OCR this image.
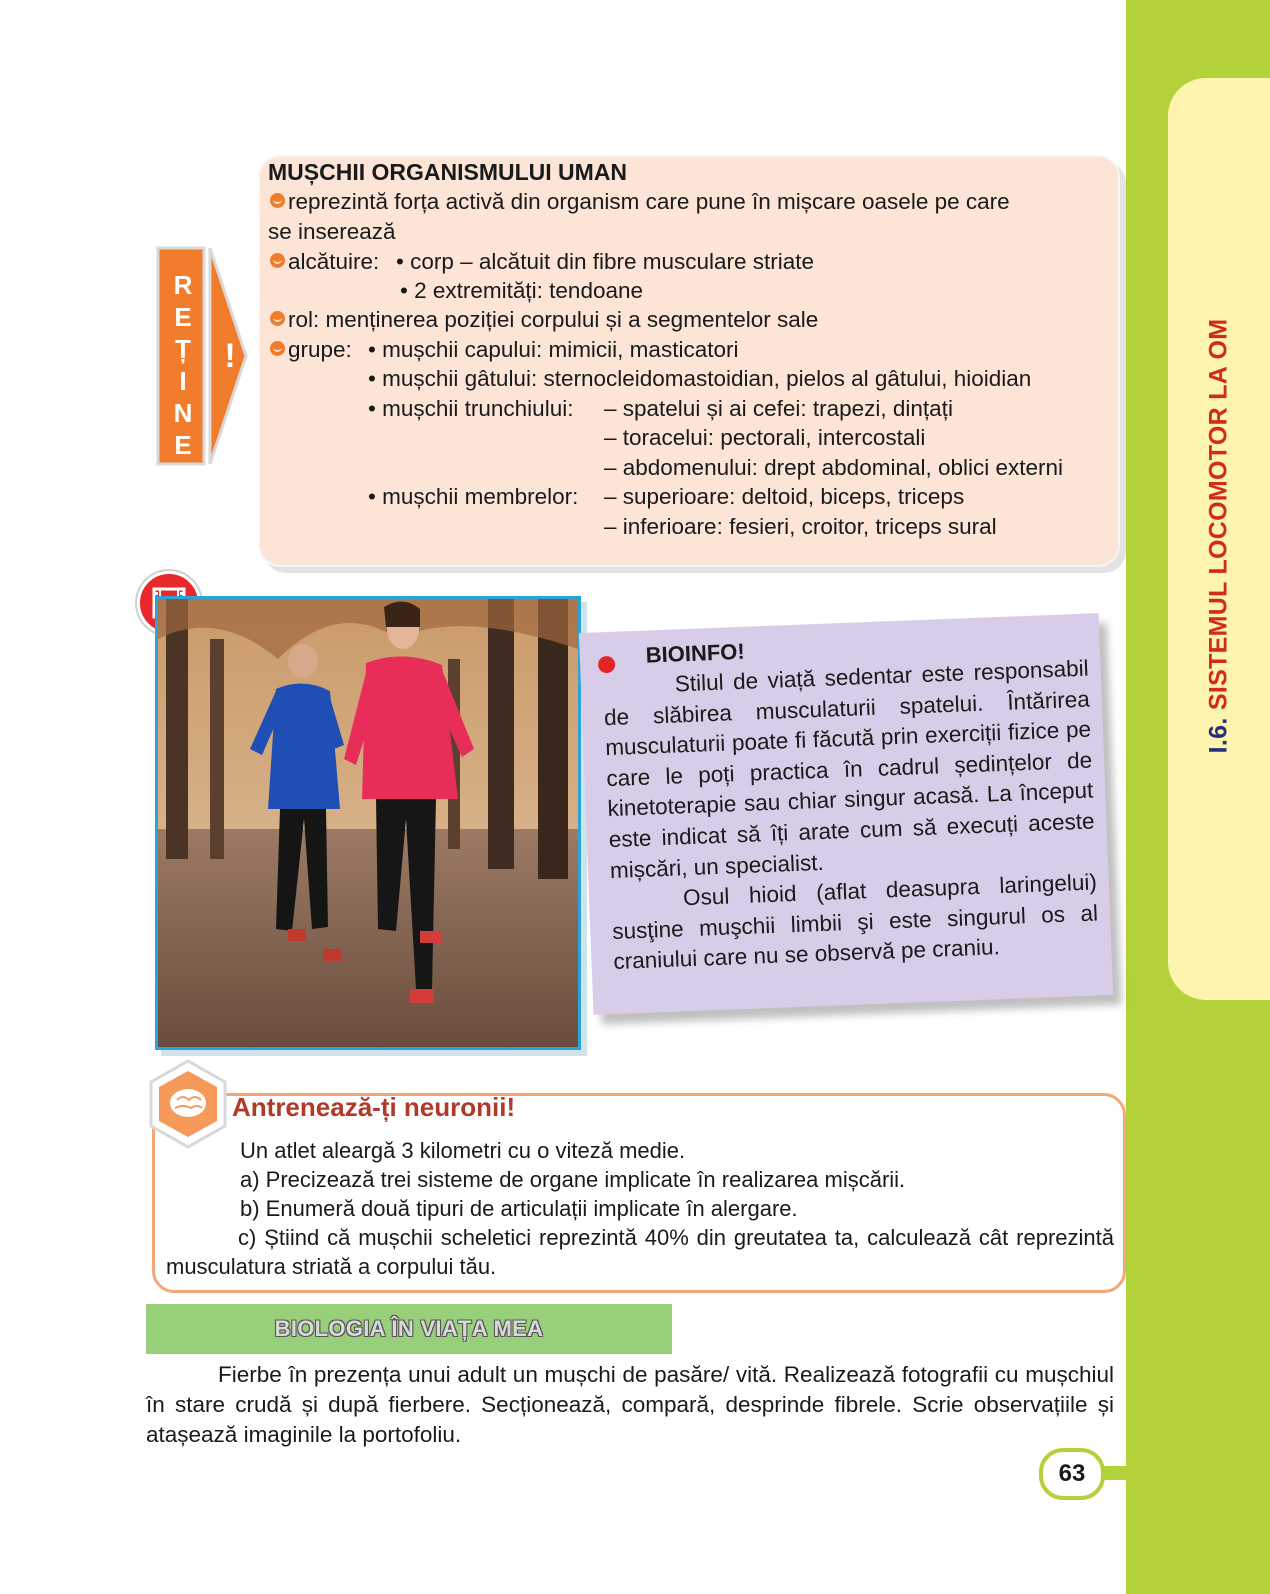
I.6. SISTEMUL LOCOMOTOR LA OM
R
E
Ț
I
N
E
!
MUȘCHII ORGANISMULUI UMAN
reprezintă forța activă din organism care pune în mișcare oasele pe care
se inserează
alcătuire: • corp – alcătuit din fibre musculare striate
• 2 extremități: tendoane
rol: menținerea poziției corpului și a segmentelor sale
grupe: • mușchii capului: mimicii, masticatori
• mușchii gâtului: sternocleidomastoidian, pielos al gâtului, hioidian
• mușchii trunchiului: – spatelui și ai cefei: trapezi, dințați
– toracelui: pectorali, intercostali
– abdomenului: drept abdominal, oblici externi
• mușchii membrelor: – superioare: deltoid, biceps, triceps
– inferioare: fesieri, croitor, triceps sural
BIOINFO!

Stilul de viață sedentar este responsabil de slăbirea musculaturii spatelui. Întărirea musculaturii poate fi făcută prin exerciții fizice pe care le poți practica în cadrul ședințelor de kinetoterapie sau chiar singur acasă. La început este indicat să îți arate cum să execuți aceste mișcări, un specialist.

Osul hioid (aflat deasupra laringelui) susţine muşchii limbii şi este singurul os al craniului care nu se observă pe craniu.

Antrenează-ți neuronii!
Un atlet aleargă 3 kilometri cu o viteză medie.
a) Precizează trei sisteme de organe implicate în realizarea mișcării.
b) Enumeră două tipuri de articulații implicate în alergare.
c) Știind că mușchii scheletici reprezintă 40% din greutatea ta, calculează cât reprezintă musculatura striată a corpului tău.
BIOLOGIA ÎN VIAȚA MEA
Fierbe în prezența unui adult un mușchi de pasăre/ vită. Realizează fotografii cu mușchiul în stare crudă și după fierbere. Secționează, compară, desprinde fibrele. Scrie observațiile și atașează imaginile la portofoliu.
63
